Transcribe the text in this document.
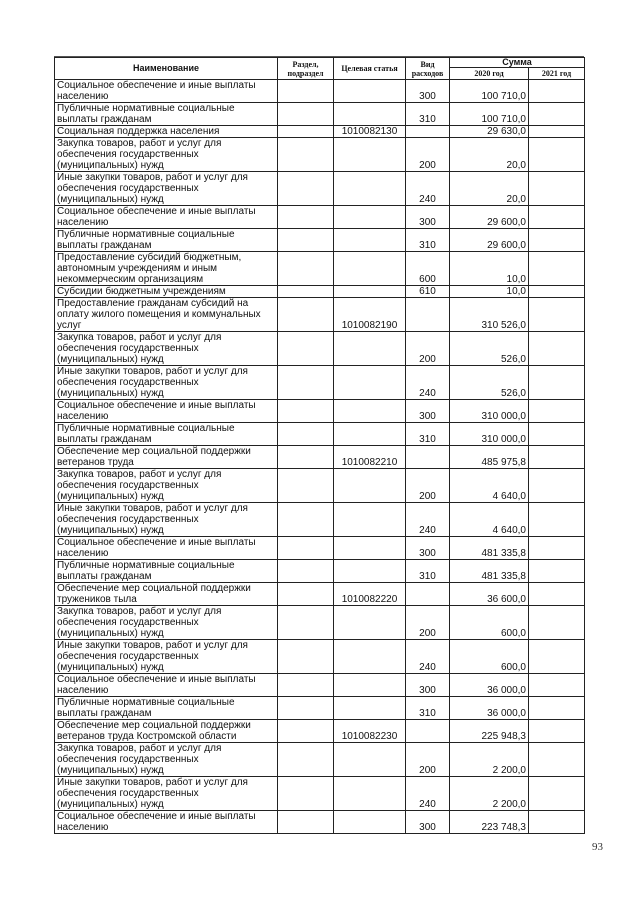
Наименование	Раздел, подраздел	Целевая статья	Вид расходов	Сумма	
				2020 год	2021 год
Социальное обеспечение и иные выплаты населению			300	100 710,0	
Публичные нормативные социальные выплаты гражданам			310	100 710,0	
Социальная поддержка населения		1010082130		29 630,0	
Закупка товаров, работ и услуг для обеспечения государственных (муниципальных) нужд			200	20,0	
Иные закупки товаров, работ и услуг для обеспечения государственных (муниципальных) нужд			240	20,0	
Социальное обеспечение и иные выплаты населению			300	29 600,0	
Публичные нормативные социальные выплаты гражданам			310	29 600,0	
Предоставление субсидий бюджетным, автономным учреждениям и иным некоммерческим организациям			600	10,0	
Субсидии бюджетным учреждениям			610	10,0	
Предоставление гражданам субсидий на оплату жилого помещения и коммунальных услуг		1010082190		310 526,0	
Закупка товаров, работ и услуг для обеспечения государственных (муниципальных) нужд			200	526,0	
Иные закупки товаров, работ и услуг для обеспечения государственных (муниципальных) нужд			240	526,0	
Социальное обеспечение и иные выплаты населению			300	310 000,0	
Публичные нормативные социальные выплаты гражданам			310	310 000,0	
Обеспечение мер социальной поддержки ветеранов труда		1010082210		485 975,8	
Закупка товаров, работ и услуг для обеспечения государственных (муниципальных) нужд			200	4 640,0	
Иные закупки товаров, работ и услуг для обеспечения государственных (муниципальных) нужд			240	4 640,0	
Социальное обеспечение и иные выплаты населению			300	481 335,8	
Публичные нормативные социальные выплаты гражданам			310	481 335,8	
Обеспечение мер социальной поддержки тружеников тыла		1010082220		36 600,0	
Закупка товаров, работ и услуг для обеспечения государственных (муниципальных) нужд			200	600,0	
Иные закупки товаров, работ и услуг для обеспечения государственных (муниципальных) нужд			240	600,0	
Социальное обеспечение и иные выплаты населению			300	36 000,0	
Публичные нормативные социальные выплаты гражданам			310	36 000,0	
Обеспечение мер социальной поддержки ветеранов труда Костромской области		1010082230		225 948,3	
Закупка товаров, работ и услуг для обеспечения государственных (муниципальных) нужд			200	2 200,0	
Иные закупки товаров, работ и услуг для обеспечения государственных (муниципальных) нужд			240	2 200,0	
Социальное обеспечение и иные выплаты населению			300	223 748,3	
93
